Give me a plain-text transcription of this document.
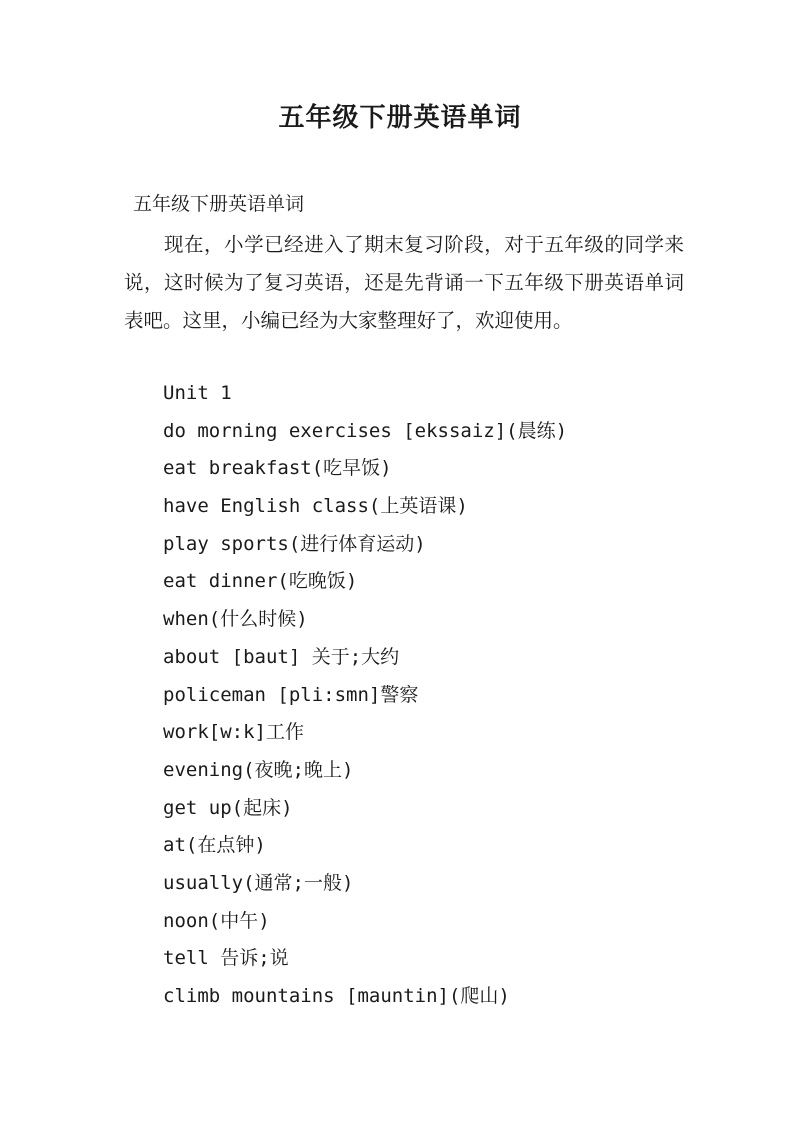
五年级下册英语单词
五年级下册英语单词

现在，小学已经进入了期末复习阶段，对于五年级的同学来说，这时候为了复习英语，还是先背诵一下五年级下册英语单词表吧。这里，小编已经为大家整理好了，欢迎使用。

Unit 1
do morning exercises [ekssaiz](晨练)
eat breakfast(吃早饭)
have English class(上英语课)
play sports(进行体育运动)
eat dinner(吃晚饭)
when(什么时候)
about [baut] 关于;大约
policeman [pli:smn]警察
work[w:k]工作
evening(夜晚;晚上)
get up(起床)
at(在点钟)
usually(通常;一般)
noon(中午)
tell 告诉;说
climb mountains [mauntin](爬山)
